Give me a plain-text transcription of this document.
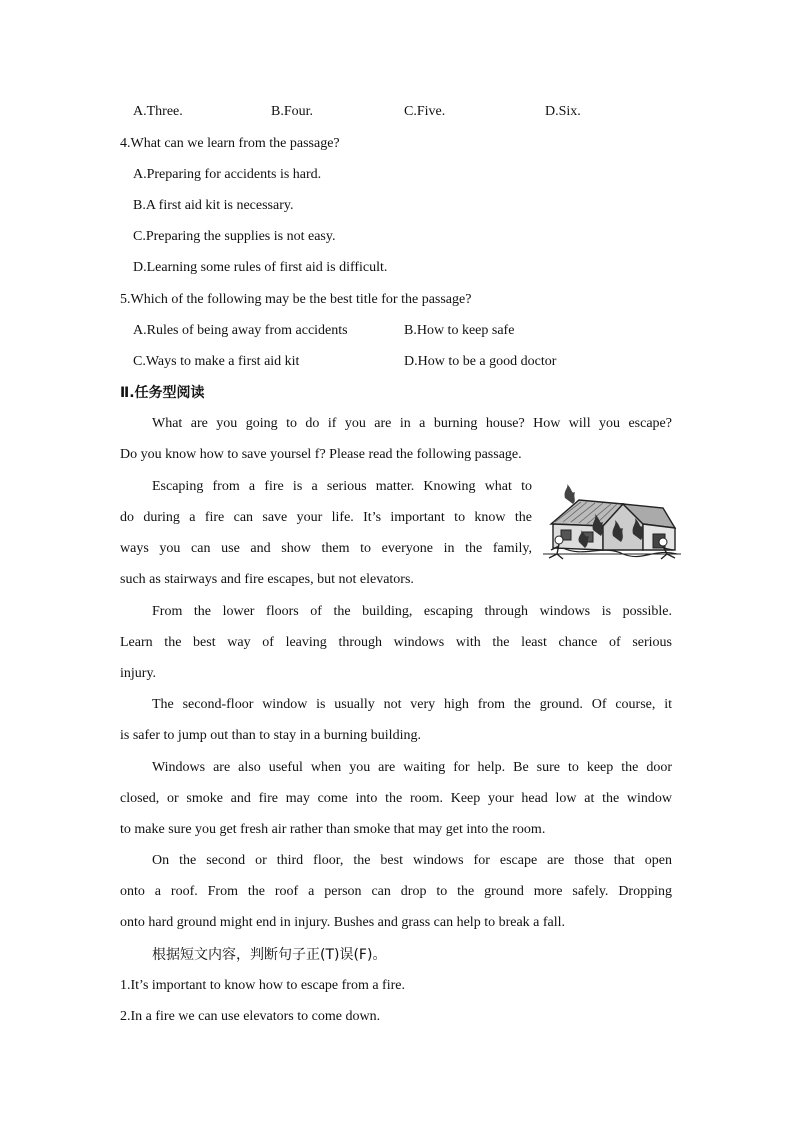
A.Three.	B.Four.	C.Five.	D.Six.
4.What can we learn from the passage?
A.Preparing for accidents is hard.
B.A first aid kit is necessary.
C.Preparing the supplies is not easy.
D.Learning some rules of first aid is difficult.
5.Which of the following may be the best title for the passage?
A.Rules of being away from accidents	B.How to keep safe
C.Ways to make a first aid kit	D.How to be a good doctor
Ⅱ.任务型阅读
What are you going to do if you are in a burning house? How will you escape?
Do you know how to save yoursel f? Please read the following passage.
Escaping from a fire is a serious matter. Knowing what to
do during a fire can save your life. It’s important to know the
ways you can use and show them to everyone in the family,
such as stairways and fire escapes, but not elevators.
From the lower floors of the building, escaping through windows is possible.
Learn the best way of leaving through windows with the least chance of serious
injury.
The second-floor window is usually not very high from the ground. Of course, it
is safer to jump out than to stay in a burning building.
Windows are also useful when you are waiting for help. Be sure to keep the door
closed, or smoke and fire may come into the room. Keep your head low at the window
to make sure you get fresh air rather than smoke that may get into the room.
On the second or third floor, the best windows for escape are those that open
onto a roof. From the roof a person can drop to the ground more safely. Dropping
onto hard ground might end in injury. Bushes and grass can help to break a fall.
根据短文内容，判断句子正(T)误(F)。
1.It’s important to know how to escape from a fire.
2.In a fire we can use elevators to come down.
